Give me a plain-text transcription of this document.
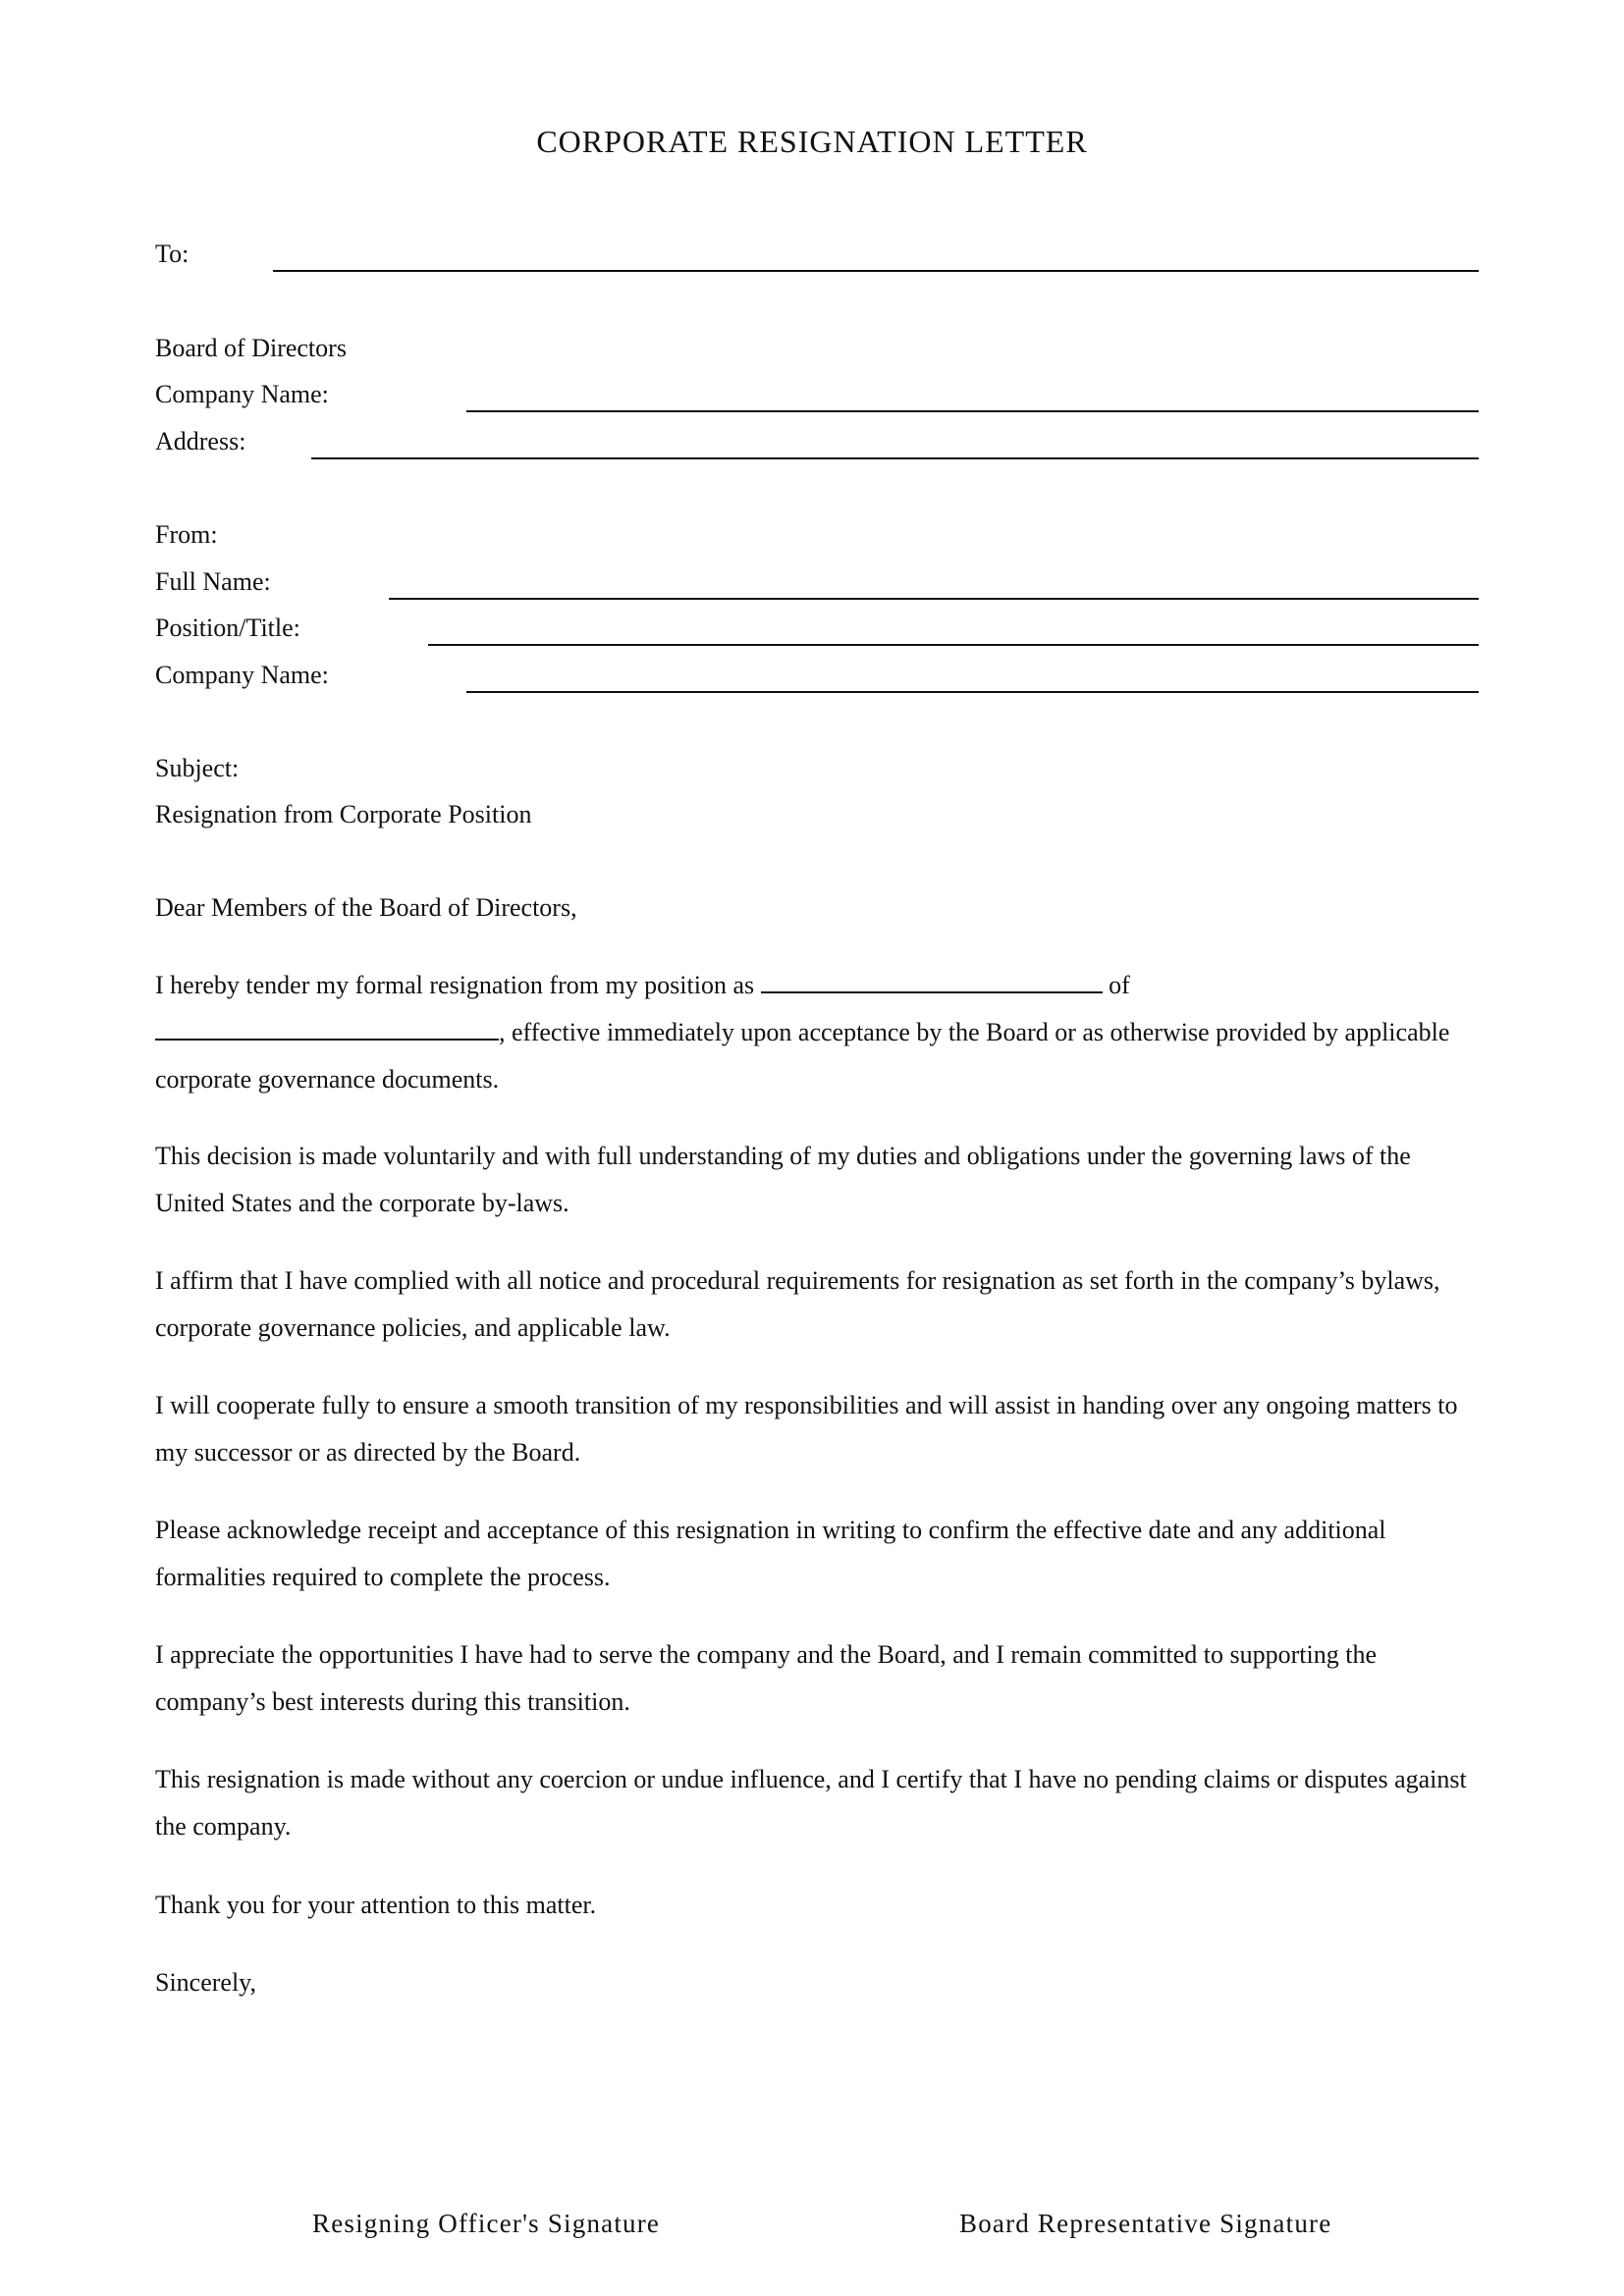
CORPORATE RESIGNATION LETTER
To:
Board of Directors
Company Name:
Address:
From:
Full Name:
Position/Title:
Company Name:
Subject:
Resignation from Corporate Position
Dear Members of the Board of Directors,
I hereby tender my formal resignation from my position as	of
, effective immediately upon acceptance by the Board or as otherwise provided by applicable corporate governance documents.
This decision is made voluntarily and with full understanding of my duties and obligations under the governing laws of the United States and the corporate by-laws.
I affirm that I have complied with all notice and procedural requirements for resignation as set forth in the company’s bylaws, corporate governance policies, and applicable law.
I will cooperate fully to ensure a smooth transition of my responsibilities and will assist in handing over any ongoing matters to my successor or as directed by the Board.
Please acknowledge receipt and acceptance of this resignation in writing to confirm the effective date and any additional formalities required to complete the process.
I appreciate the opportunities I have had to serve the company and the Board, and I remain committed to supporting the company’s best interests during this transition.
This resignation is made without any coercion or undue influence, and I certify that I have no pending claims or disputes against the company.
Thank you for your attention to this matter.
Sincerely,
Resigning Officer's Signature	Board Representative Signature
